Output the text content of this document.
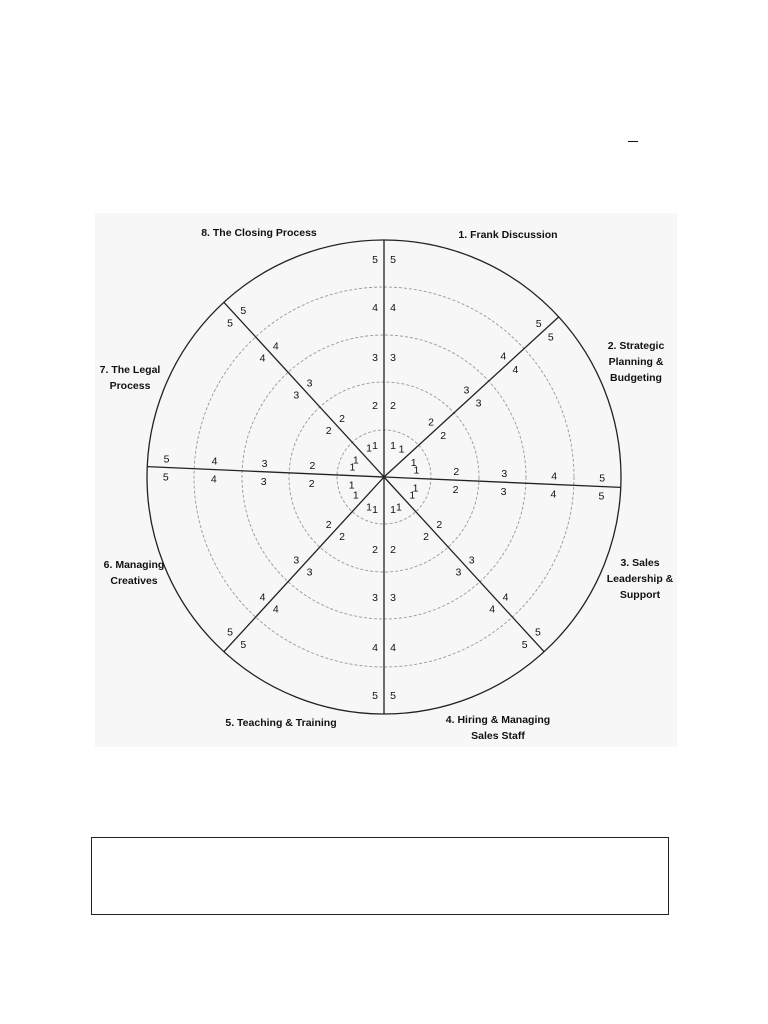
1
2
3
4
5
1
2
3
4
5
1
2
3
4
5
1
2
3
4
5
1	2	3	4	5
1	2	3	4	5
1
2
3
4
5
1
2
3
4
5
1
2
3
4
5
1
2
3
4
5
1
2
3
4
5
1
2
3
4
5
1
2
3
4
5
1
2
3
4
5	1
2
3
4
5
1
2
3
4
5
1. Frank Discussion
2. Strategic Planning & Budgeting
3. Sales Leadership & Support
4. Hiring & Managing Sales Staff
5. Teaching & Training
6. Managing Creatives
7. The Legal Process
8. The Closing Process
